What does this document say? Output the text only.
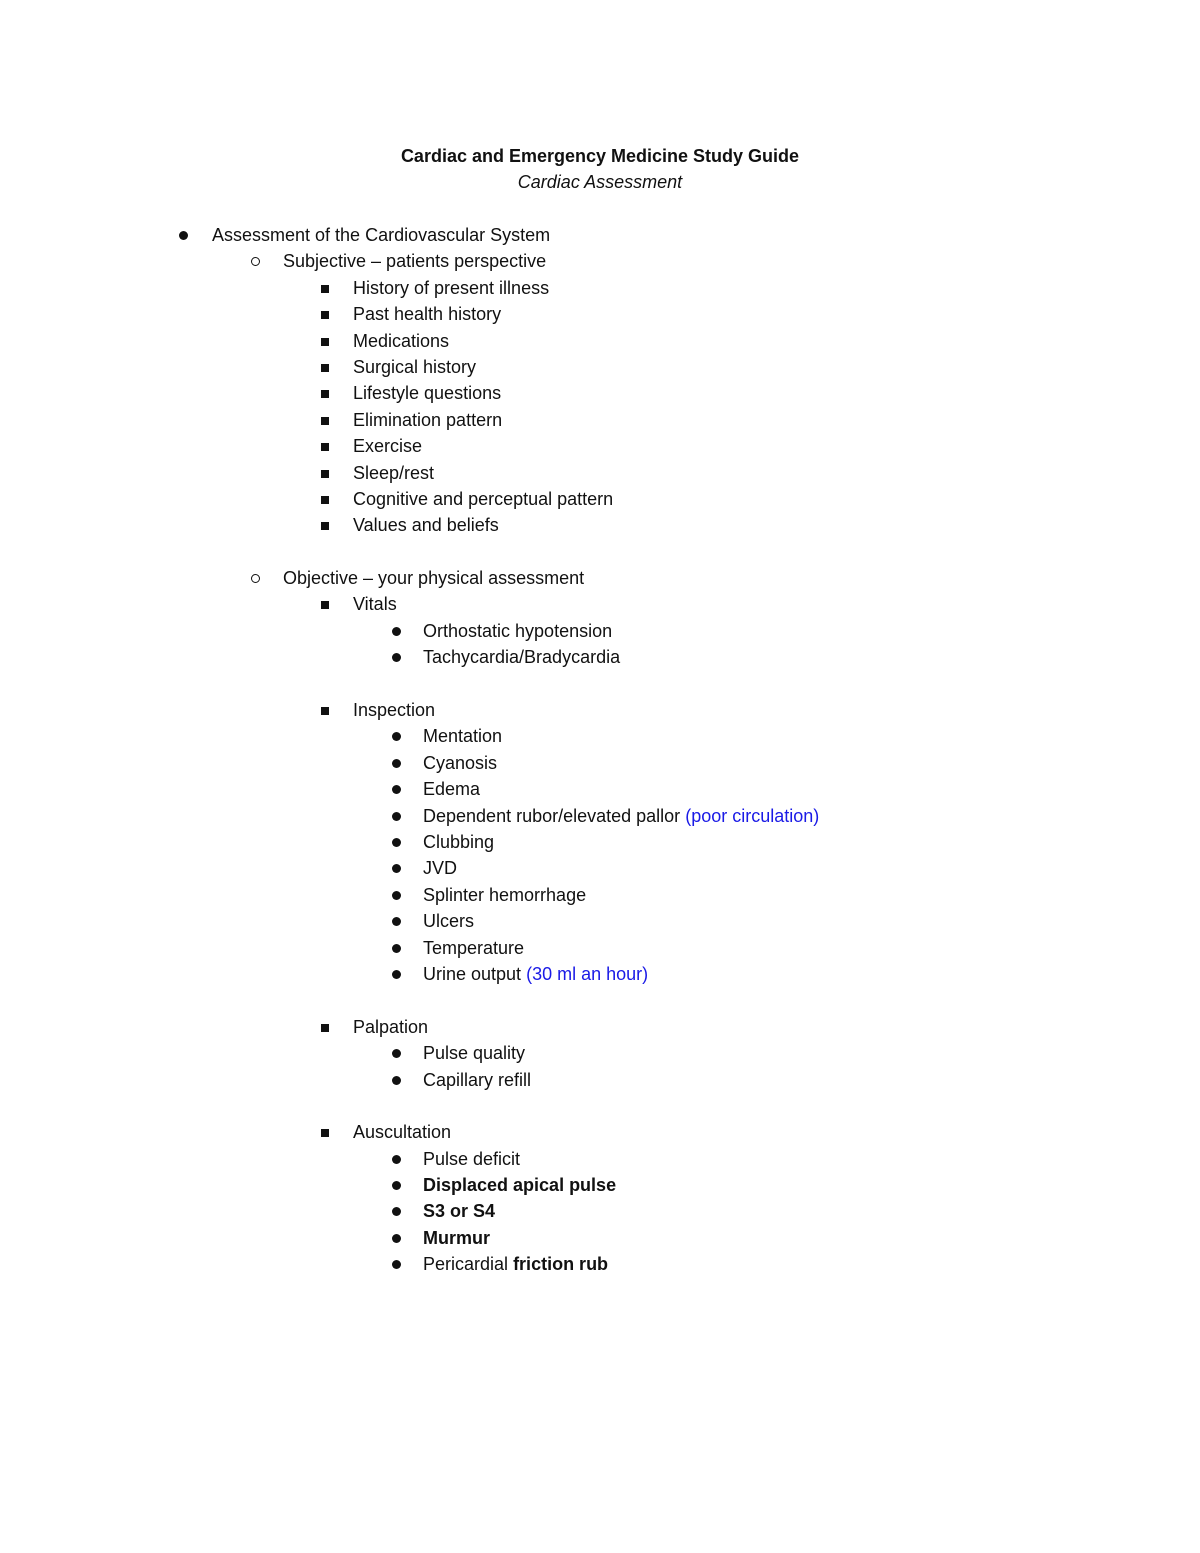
Cardiac and Emergency Medicine Study Guide
Cardiac Assessment
Assessment of the Cardiovascular System
Subjective – patients perspective
History of present illness
Past health history
Medications
Surgical history
Lifestyle questions
Elimination pattern
Exercise
Sleep/rest
Cognitive and perceptual pattern
Values and beliefs
Objective – your physical assessment
Vitals
Orthostatic hypotension
Tachycardia/Bradycardia
Inspection
Mentation
Cyanosis
Edema
Dependent rubor/elevated pallor (poor circulation)
Clubbing
JVD
Splinter hemorrhage
Ulcers
Temperature
Urine output (30 ml an hour)
Palpation
Pulse quality
Capillary refill
Auscultation
Pulse deficit
Displaced apical pulse
S3 or S4
Murmur
Pericardial friction rub
